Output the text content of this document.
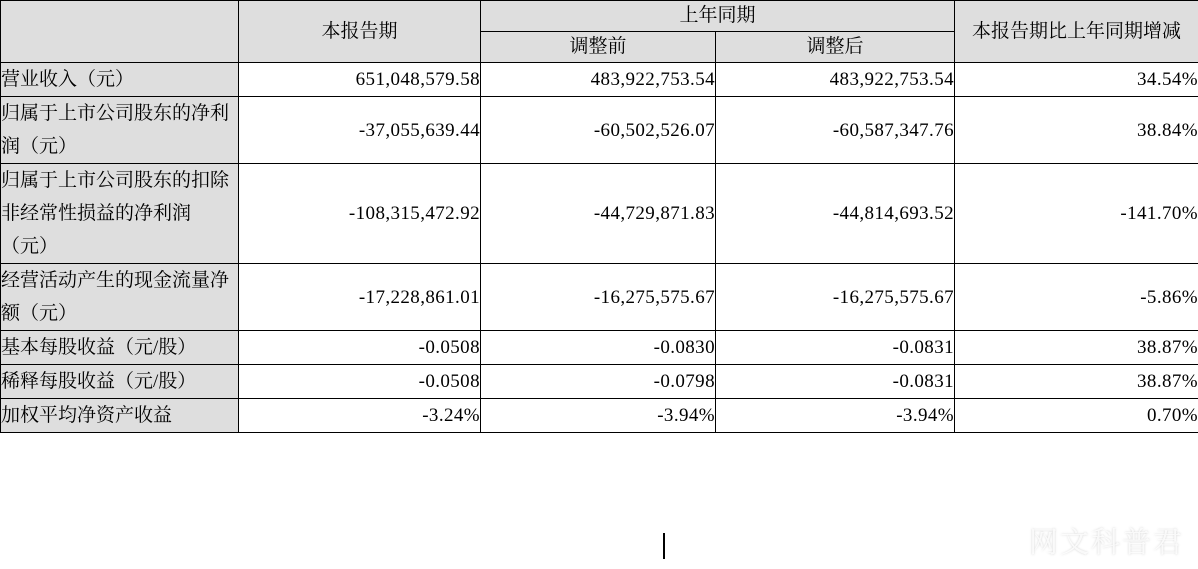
	本报告期	上年同期		本报告期比上年同期增减
		调整前	调整后	
营业收入（元）	651,048,579.58	483,922,753.54	483,922,753.54	34.54%
归属于上市公司股东的净利润（元）	-37,055,639.44	-60,502,526.07	-60,587,347.76	38.84%
归属于上市公司股东的扣除非经常性损益的净利润（元）	-108,315,472.92	-44,729,871.83	-44,814,693.52	-141.70%
经营活动产生的现金流量净额（元）	-17,228,861.01	-16,275,575.67	-16,275,575.67	-5.86%
基本每股收益（元/股）	-0.0508	-0.0830	-0.0831	38.87%
稀释每股收益（元/股）	-0.0508	-0.0798	-0.0831	38.87%
加权平均净资产收益	-3.24%	-3.94%	-3.94%	0.70%
网文科普君
